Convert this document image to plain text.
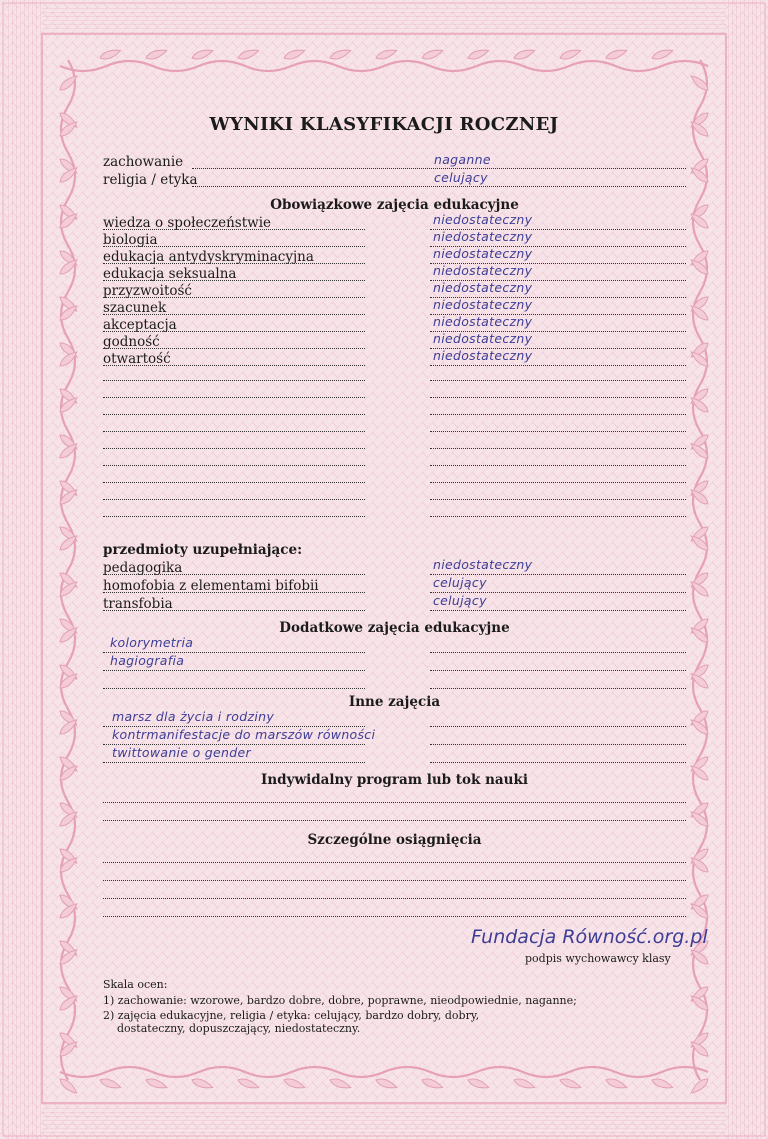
WYNIKI KLASYFIKACJI ROCZNEJ
zachowanie	naganne
religia / etyka	celujący
Obowiązkowe zajęcia edukacyjne
wiedza o społeczeństwie	niedostateczny
biologia	niedostateczny
edukacja antydyskryminacyjna	niedostateczny
edukacja seksualna	niedostateczny
przyzwoitość	niedostateczny
szacunek	niedostateczny
akceptacja	niedostateczny
godność	niedostateczny
otwartość	niedostateczny
przedmioty uzupełniające:
pedagogika	niedostateczny
homofobia z elementami bifobii	celujący
transfobia	celujący
Dodatkowe zajęcia edukacyjne
kolorymetria
hagiografia
Inne zajęcia
marsz dla życia i rodziny
kontrmanifestacje do marszów równości
twittowanie o gender
Indywidalny program lub tok nauki
Szczególne osiągnięcia
Fundacja Równość.org.pl
podpis wychowawcy klasy
Skala ocen:
1) zachowanie: wzorowe, bardzo dobre, dobre, poprawne, nieodpowiednie, naganne;
2) zajęcia edukacyjne, religia / etyka: celujący, bardzo dobry, dobry,
dostateczny, dopuszczający, niedostateczny.
